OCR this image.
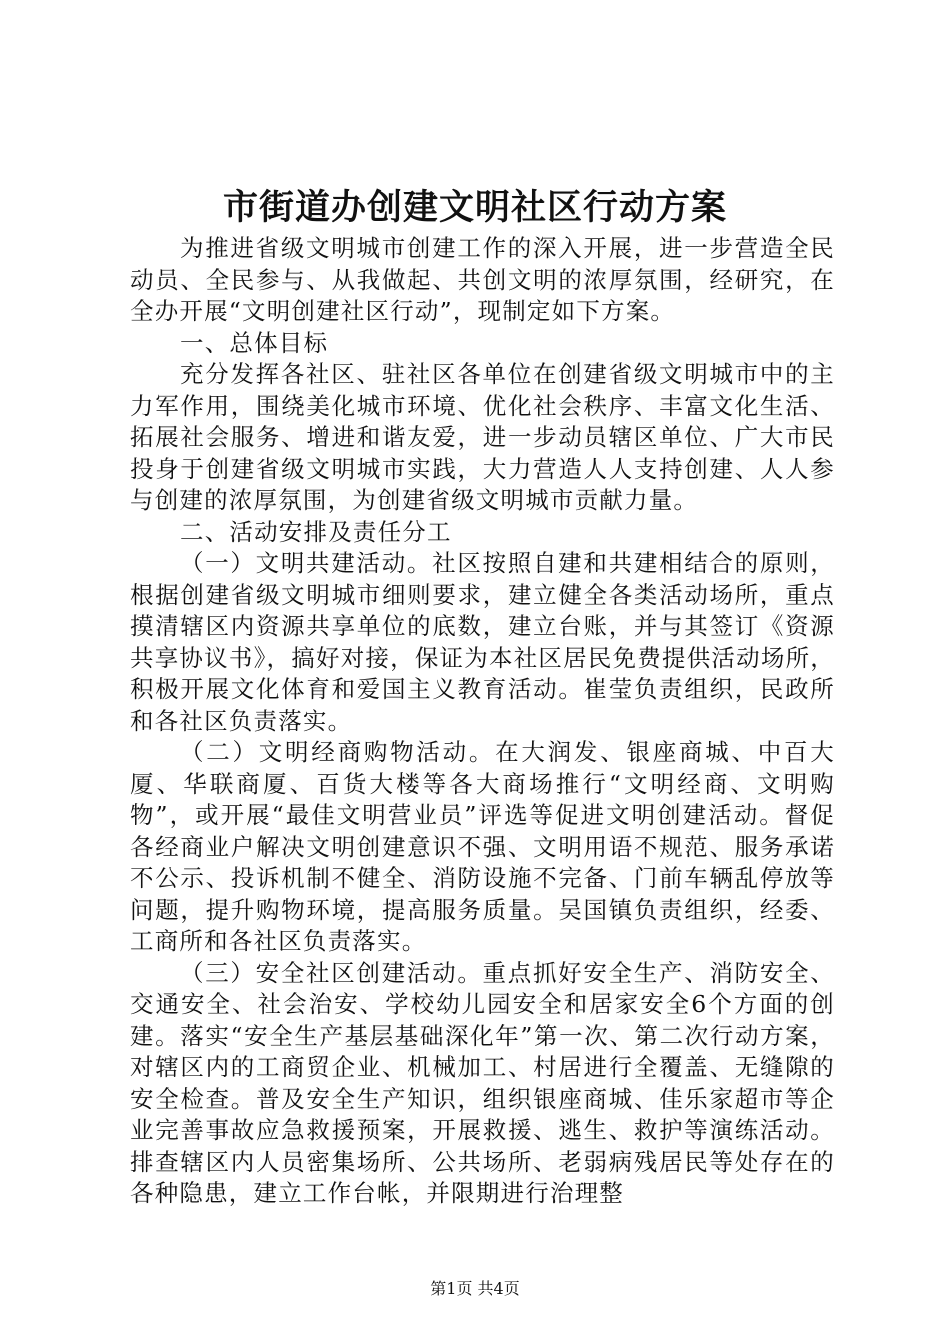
市街道办创建文明社区行动方案

为推进省级文明城市创建工作的深入开展，进一步营造全民动员、全民参与、从我做起、共创文明的浓厚氛围，经研究，在全办开展“文明创建社区行动”，现制定如下方案。

一、总体目标

充分发挥各社区、驻社区各单位在创建省级文明城市中的主力军作用，围绕美化城市环境、优化社会秩序、丰富文化生活、拓展社会服务、增进和谐友爱，进一步动员辖区单位、广大市民投身于创建省级文明城市实践，大力营造人人支持创建、人人参与创建的浓厚氛围，为创建省级文明城市贡献力量。

二、活动安排及责任分工

（一）文明共建活动。社区按照自建和共建相结合的原则，根据创建省级文明城市细则要求，建立健全各类活动场所，重点摸清辖区内资源共享单位的底数，建立台账，并与其签订《资源共享协议书》，搞好对接，保证为本社区居民免费提供活动场所，积极开展文化体育和爱国主义教育活动。崔莹负责组织，民政所和各社区负责落实。

（二）文明经商购物活动。在大润发、银座商城、中百大厦、华联商厦、百货大楼等各大商场推行“文明经商、文明购物”，或开展“最佳文明营业员”评选等促进文明创建活动。督促各经商业户解决文明创建意识不强、文明用语不规范、服务承诺不公示、投诉机制不健全、消防设施不完备、门前车辆乱停放等问题，提升购物环境，提高服务质量。吴国镇负责组织，经委、工商所和各社区负责落实。

（三）安全社区创建活动。重点抓好安全生产、消防安全、交通安全、社会治安、学校幼儿园安全和居家安全6个方面的创建。落实“安全生产基层基础深化年”第一次、第二次行动方案，对辖区内的工商贸企业、机械加工、村居进行全覆盖、无缝隙的安全检查。普及安全生产知识，组织银座商城、佳乐家超市等企业完善事故应急救援预案，开展救援、逃生、救护等演练活动。排查辖区内人员密集场所、公共场所、老弱病残居民等处存在的各种隐患，建立工作台帐，并限期进行治理整

第1页 共4页
